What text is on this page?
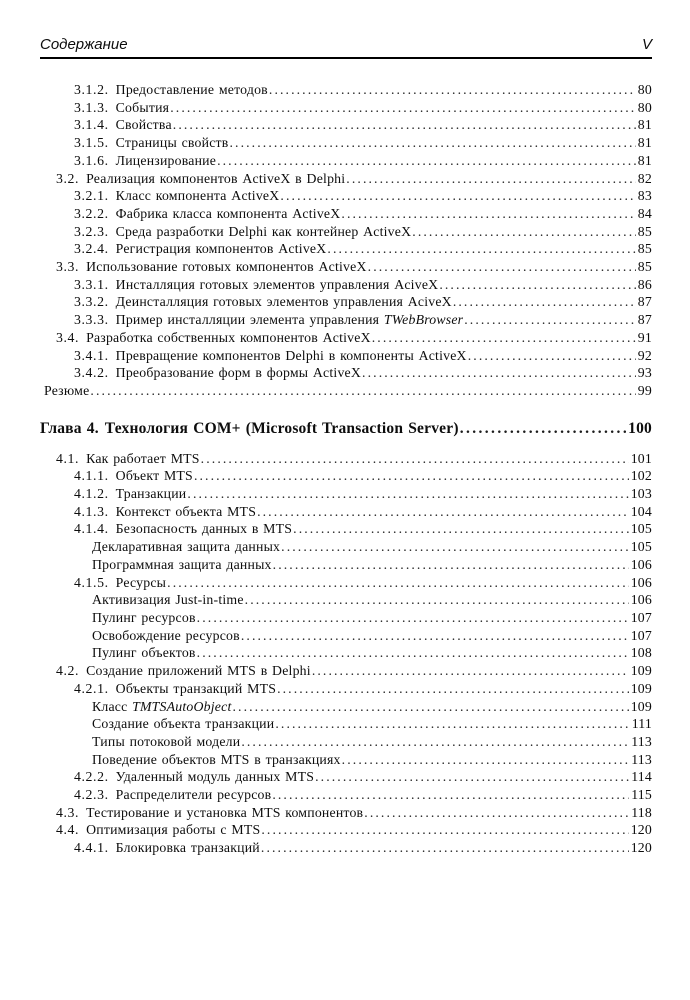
Содержание	V
3.1.2. Предоставление методов .....	80
3.1.3. События .....	80
3.1.4. Свойства .....	81
3.1.5. Страницы свойств .....	81
3.1.6. Лицензирование .....	81
3.2. Реализация компонентов ActiveX в Delphi .....	82
3.2.1. Класс компонента ActiveX .....	83
3.2.2. Фабрика класса компонента ActiveX .....	84
3.2.3. Среда разработки Delphi как контейнер ActiveX .....	85
3.2.4. Регистрация компонентов ActiveX .....	85
3.3. Использование готовых компонентов ActiveX .....	85
3.3.1. Инсталляция готовых элементов управления AciveX .....	86
3.3.2. Деинсталляция готовых элементов управления AciveX .....	87
3.3.3. Пример инсталляции элемента управления TWebBrowser .....	87
3.4. Разработка собственных компонентов ActiveX .....	91
3.4.1. Превращение компонентов Delphi в компоненты ActiveX .....	92
3.4.2. Преобразование форм в формы ActiveX .....	93
Резюме .....	99
Глава 4. Технология COM+ (Microsoft Transaction Server) .....	100
4.1. Как работает MTS .....	101
4.1.1. Объект MTS .....	102
4.1.2. Транзакции .....	103
4.1.3. Контекст объекта MTS .....	104
4.1.4. Безопасность данных в MTS .....	105
Декларативная защита данных .....	105
Программная защита данных .....	106
4.1.5. Ресурсы .....	106
Активизация Just-in-time .....	106
Пулинг ресурсов .....	107
Освобождение ресурсов .....	107
Пулинг объектов .....	108
4.2. Создание приложений MTS в Delphi .....	109
4.2.1. Объекты транзакций MTS .....	109
Класс TMTSAutoObject .....	109
Создание объекта транзакции .....	111
Типы потоковой модели .....	113
Поведение объектов MTS в транзакциях .....	113
4.2.2. Удаленный модуль данных MTS .....	114
4.2.3. Распределители ресурсов .....	115
4.3. Тестирование и установка MTS компонентов .....	118
4.4. Оптимизация работы с MTS .....	120
4.4.1. Блокировка транзакций .....	120
